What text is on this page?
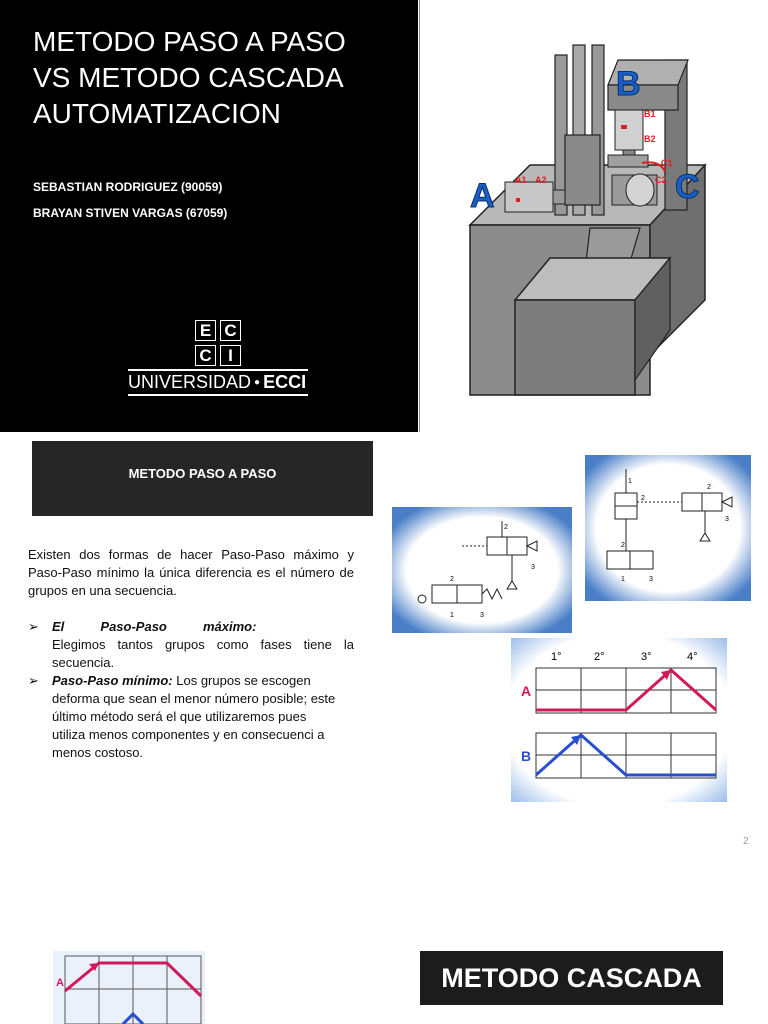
METODO PASO A PASO
VS METODO CASCADA
AUTOMATIZACION
SEBASTIAN RODRIGUEZ (90059)
BRAYAN STIVEN VARGAS (67059)
E C
C I
UNIVERSIDAD ● ECCI
A
B
C
A1 A2
B1
B2
C1
C2
METODO PASO A PASO
Existen dos formas de hacer Paso-Paso máximo y Paso-Paso mínimo la única diferencia es el número de grupos en una secuencia.
➢ El          Paso-Paso          máximo:
Elegimos tantos grupos como fases tiene la secuencia.
➢ Paso-Paso mínimo: Los grupos se escogen deforma que sean el menor número posible; este último método será el que utilizaremos pues
utiliza menos componentes y en consecuenci a menos costoso.
2
2
1	3
3
1
2
2
2
1	3
3
1°	2°	3°	4°
A
B
2
A	METODO CASCADA
